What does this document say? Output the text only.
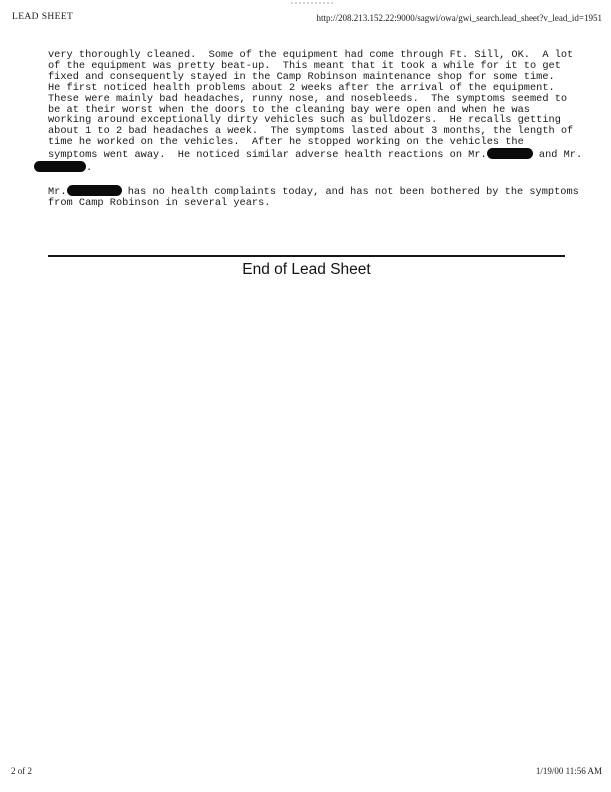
LEAD SHEET	http://208.213.152.22:9000/sagwi/owa/gwi_search.lead_sheet?v_lead_id=1951
very thoroughly cleaned.  Some of the equipment had come through Ft. Sill, OK.  A lot
of the equipment was pretty beat-up.  This meant that it took a while for it to get
fixed and consequently stayed in the Camp Robinson maintenance shop for some time.
He first noticed health problems about 2 weeks after the arrival of the equipment.
These were mainly bad headaches, runny nose, and nosebleeds.  The symptoms seemed to
be at their worst when the doors to the cleaning bay were open and when he was
working around exceptionally dirty vehicles such as bulldozers.  He recalls getting
about 1 to 2 bad headaches a week.  The symptoms lasted about 3 months, the length of
time he worked on the vehicles.  After he stopped working on the vehicles the
symptoms went away.  He noticed similar adverse health reactions on Mr.	and Mr.
.
Mr.	has no health complaints today, and has not been bothered by the symptoms
from Camp Robinson in several years.
End of Lead Sheet
2 of 2	1/19/00 11:56 AM
